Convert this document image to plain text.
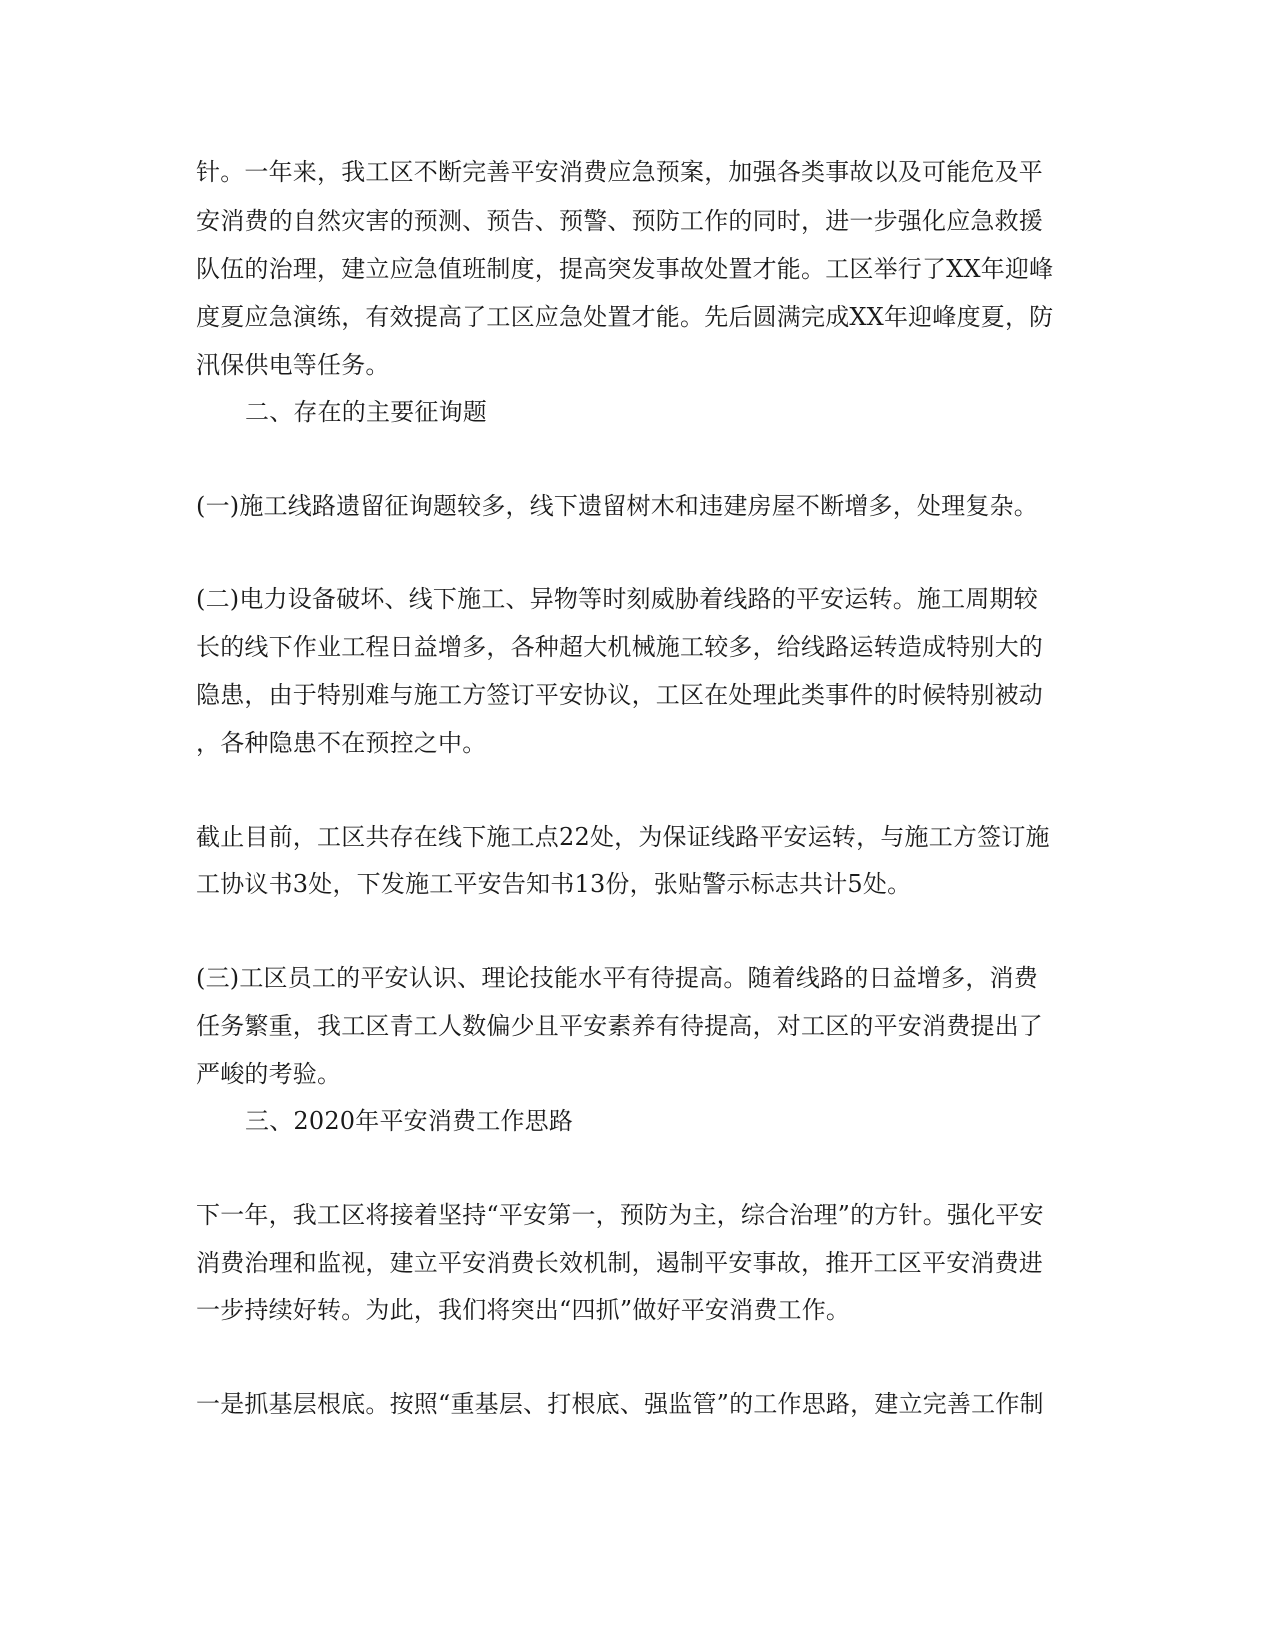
针。一年来，我工区不断完善平安消费应急预案，加强各类事故以及可能危及平
安消费的自然灾害的预测、预告、预警、预防工作的同时，进一步强化应急救援
队伍的治理，建立应急值班制度，提高突发事故处置才能。工区举行了XX年迎峰
度夏应急演练，有效提高了工区应急处置才能。先后圆满完成XX年迎峰度夏，防
汛保供电等任务。
二、存在的主要征询题
(一)施工线路遗留征询题较多，线下遗留树木和违建房屋不断增多，处理复杂。
(二)电力设备破坏、线下施工、异物等时刻威胁着线路的平安运转。施工周期较
长的线下作业工程日益增多，各种超大机械施工较多，给线路运转造成特别大的
隐患，由于特别难与施工方签订平安协议，工区在处理此类事件的时候特别被动
，各种隐患不在预控之中。
截止目前，工区共存在线下施工点22处，为保证线路平安运转，与施工方签订施
工协议书3处，下发施工平安告知书13份，张贴警示标志共计5处。
(三)工区员工的平安认识、理论技能水平有待提高。随着线路的日益增多，消费
任务繁重，我工区青工人数偏少且平安素养有待提高，对工区的平安消费提出了
严峻的考验。
三、2020年平安消费工作思路
下一年，我工区将接着坚持“平安第一，预防为主，综合治理”的方针。强化平安
消费治理和监视，建立平安消费长效机制，遏制平安事故，推开工区平安消费进
一步持续好转。为此，我们将突出“四抓”做好平安消费工作。
一是抓基层根底。按照“重基层、打根底、强监管”的工作思路，建立完善工作制
